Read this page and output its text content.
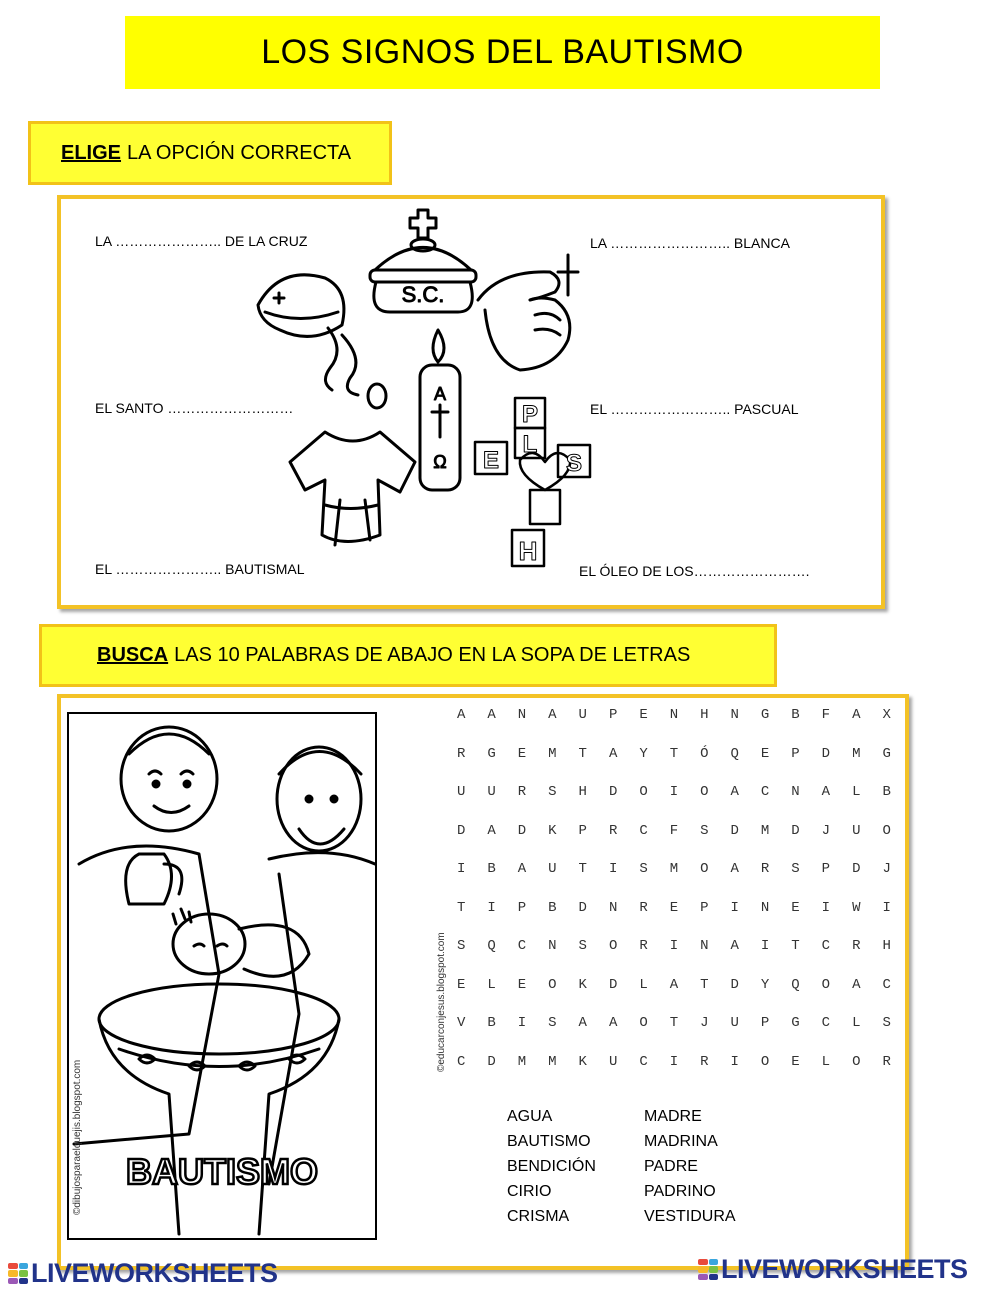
LOS SIGNOS DEL BAUTISMO
ELIGE LA OPCIÓN CORRECTA
LA ………………….. DE LA CRUZ	LA …………………….. BLANCA
EL SANTO ………………………	EL …………………….. PASCUAL
EL ………………….. BAUTISMAL	EL ÓLEO DE LOS…………………….
S.C.
A
Ω
P
L
E	S
H
BUSCA LAS 10 PALABRAS DE ABAJO EN LA SOPA DE LETRAS
BAUTISMO
©educarconjesus.blogspot.com
A	A	N	A	U	P	E	N	H	N	G	B	F	A	X
R	G	E	M	T	A	Y	T	Ó	Q	E	P	D	M	G
U	U	R	S	H	D	O	I	O	A	C	N	A	L	B
D	A	D	K	P	R	C	F	S	D	M	D	J	U	O
I	B	A	U	T	I	S	M	O	A	R	S	P	D	J
T	I	P	B	D	N	R	E	P	I	N	E	I	W	I
S	Q	C	N	S	O	R	I	N	A	I	T	C	R	H
E	L	E	O	K	D	L	A	T	D	Y	Q	O	A	C
V	B	I	S	A	A	O	T	J	U	P	G	C	L	S
C	D	M	M	K	U	C	I	R	I	O	E	L	O	R
AGUA
BAUTISMO
BENDICIÓN
CIRIO
CRISMA
MADRE
MADRINA
PADRE
PADRINO
VESTIDURA
LIVEWORKSHEETS	LIVEWORKSHEETS
